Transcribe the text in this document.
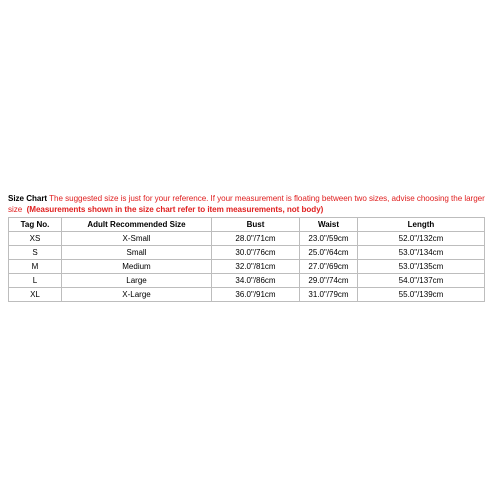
Size Chart The suggested size is just for your reference. If your measurement is floating between two sizes, advise choosing the larger size (Measurements shown in the size chart refer to item measurements, not body)

Tag No.	Adult Recommended Size	Bust	Waist	Length
XS	X-Small	28.0"/71cm	23.0"/59cm	52.0"/132cm
S	Small	30.0"/76cm	25.0"/64cm	53.0"/134cm
M	Medium	32.0"/81cm	27.0"/69cm	53.0"/135cm
L	Large	34.0"/86cm	29.0"/74cm	54.0"/137cm
XL	X-Large	36.0"/91cm	31.0"/79cm	55.0"/139cm
